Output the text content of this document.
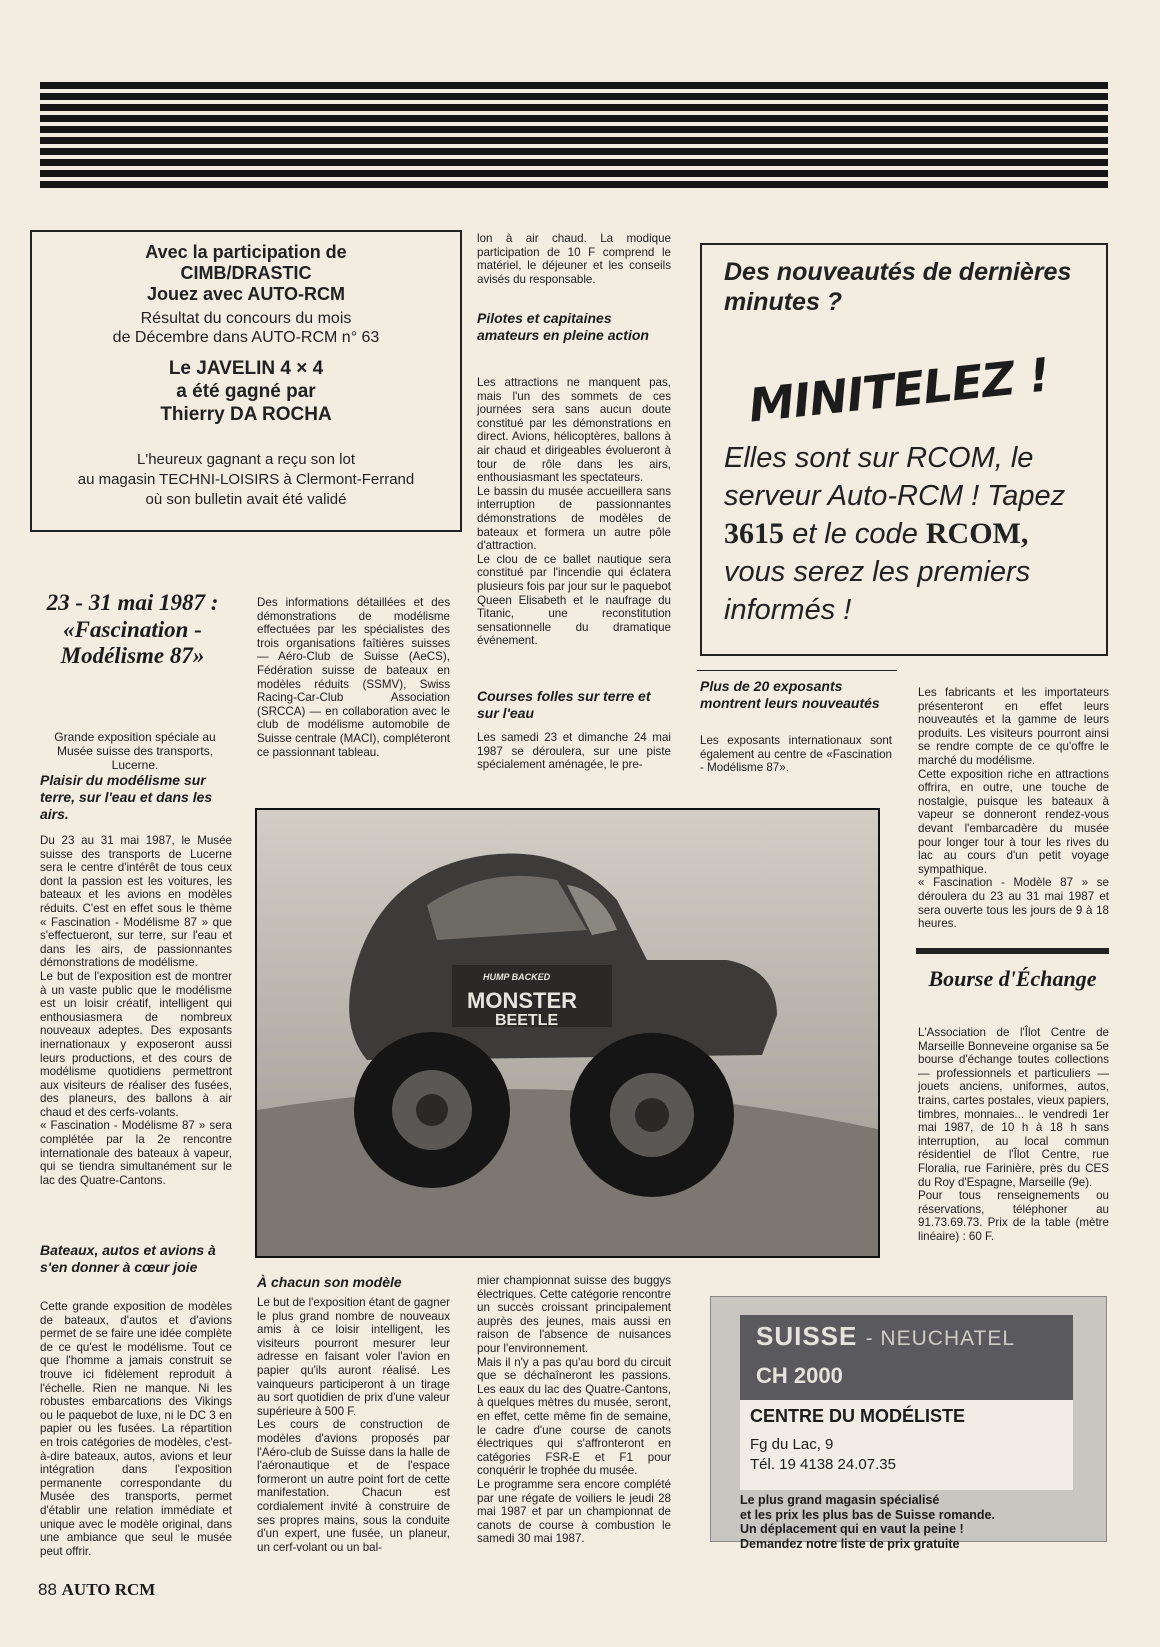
Avec la participation de
CIMB/DRASTIC
Jouez avec AUTO-RCM
Résultat du concours du mois
de Décembre dans AUTO-RCM n° 63
Le JAVELIN 4 × 4
a été gagné par
Thierry DA ROCHA
L'heureux gagnant a reçu son lot
au magasin TECHNI-LOISIRS à Clermont-Ferrand
où son bulletin avait été validé
lon à air chaud. La modique participation de 10 F comprend le matériel, le déjeuner et les conseils avisés du responsable.
Pilotes et capitaines amateurs en pleine action
Les attractions ne manquent pas, mais l'un des sommets de ces journées sera sans aucun doute constitué par les démonstrations en direct. Avions, hélicoptères, ballons à air chaud et dirigeables évolueront à tour de rôle dans les airs, enthousiasmant les spectateurs.
Le bassin du musée accueillera sans interruption de passionnantes démonstrations de modèles de bateaux et formera un autre pôle d'attraction.
Le clou de ce ballet nautique sera constitué par l'incendie qui éclatera plusieurs fois par jour sur le paquebot Queen Elisabeth et le naufrage du Titanic, une reconstitution sensationnelle du dramatique événement.
Courses folles sur terre et sur l'eau
Les samedi 23 et dimanche 24 mai 1987 se déroulera, sur une piste spécialement aménagée, le pre-
Des nouveautés de dernières minutes ?
MINITELEZ !
Elles sont sur RCOM, le serveur Auto-RCM ! Tapez 3615 et le code RCOM, vous serez les premiers informés !
23 - 31 mai 1987 : «Fascination - Modélisme 87»
Grande exposition spéciale au Musée suisse des transports, Lucerne.
Plaisir du modélisme sur terre, sur l'eau et dans les airs.
Du 23 au 31 mai 1987, le Musée suisse des transports de Lucerne sera le centre d'intérêt de tous ceux dont la passion est les voitures, les bateaux et les avions en modèles réduits. C'est en effet sous le thème « Fascination - Modélisme 87 » que s'effectueront, sur terre, sur l'eau et dans les airs, de passionnantes démonstrations de modélisme.
Le but de l'exposition est de montrer à un vaste public que le modélisme est un loisir créatif, intelligent qui enthousiasmera de nombreux nouveaux adeptes. Des exposants inernationaux y exposeront aussi leurs productions, et des cours de modélisme quotidiens permettront aux visiteurs de réaliser des fusées, des planeurs, des ballons à air chaud et des cerfs-volants.
« Fascination - Modélisme 87 » sera complétée par la 2e rencontre internationale des bateaux à vapeur, qui se tiendra simultanément sur le lac des Quatre-Cantons.
Bateaux, autos et avions à s'en donner à cœur joie
Cette grande exposition de modèles de bateaux, d'autos et d'avions permet de se faire une idée complète de ce qu'est le modélisme. Tout ce que l'homme a jamais construit se trouve ici fidèlement reproduit à l'échelle. Rien ne manque. Ni les robustes embarcations des Vikings ou le paquebot de luxe, ni le DC 3 en papier ou les fusées. La répartition en trois catégories de modèles, c'est-à-dire bateaux, autos, avions et leur intégration dans l'exposition permanente correspondante du Musée des transports, permet d'établir une relation immédiate et unique avec le modèle original, dans une ambiance que seul le musée peut offrir.
Des informations détaillées et des démonstrations de modélisme effectuées par les spécialistes des trois organisations faîtières suisses — Aéro-Club de Suisse (AeCS), Fédération suisse de bateaux en modèles réduits (SSMV), Swiss Racing-Car-Club Association (SRCCA) — en collaboration avec le club de modélisme automobile de Suisse centrale (MACI), compléteront ce passionnant tableau.
Plus de 20 exposants montrent leurs nouveautés
Les exposants internationaux sont également au centre de «Fascination - Modélisme 87».
Les fabricants et les importateurs présenteront en effet leurs nouveautés et la gamme de leurs produits. Les visiteurs pourront ainsi se rendre compte de ce qu'offre le marché du modélisme.
Cette exposition riche en attractions offrira, en outre, une touche de nostalgie, puisque les bateaux à vapeur se donneront rendez-vous devant l'embarcadère du musée pour longer tour à tour les rives du lac au cours d'un petit voyage sympathique.
« Fascination - Modèle 87 » se déroulera du 23 au 31 mai 1987 et sera ouverte tous les jours de 9 à 18 heures.
HUMP BACKED
MONSTER
BEETLE
À chacun son modèle
Le but de l'exposition étant de gagner le plus grand nombre de nouveaux amis à ce loisir intelligent, les visiteurs pourront mesurer leur adresse en faisant voler l'avion en papier qu'ils auront réalisé. Les vainqueurs participeront à un tirage au sort quotidien de prix d'une valeur supérieure à 500 F.
Les cours de construction de modèles d'avions proposés par l'Aéro-club de Suisse dans la halle de l'aéronautique et de l'espace formeront un autre point fort de cette manifestation. Chacun est cordialement invité à construire de ses propres mains, sous la conduite d'un expert, une fusée, un planeur, un cerf-volant ou un bal-
mier championnat suisse des buggys électriques. Cette catégorie rencontre un succès croissant principalement auprès des jeunes, mais aussi en raison de l'absence de nuisances pour l'environnement.
Mais il n'y a pas qu'au bord du circuit que se déchaîneront les passions. Les eaux du lac des Quatre-Cantons, à quelques mètres du musée, seront, en effet, cette même fin de semaine, le cadre d'une course de canots électriques qui s'affronteront en catégories FSR-E et F1 pour conquérir le trophée du musée.
Le programme sera encore complété par une régate de voiliers le jeudi 28 mai 1987 et par un championnat de canots de course à combustion le samedi 30 mai 1987.
Bourse d'Échange
L'Association de l'Îlot Centre de Marseille Bonneveine organise sa 5e bourse d'échange toutes collections — professionnels et particuliers — jouets anciens, uniformes, autos, trains, cartes postales, vieux papiers, timbres, monnaies... le vendredi 1er mai 1987, de 10 h à 18 h sans interruption, au local commun résidentiel de l'Îlot Centre, rue Floralia, rue Farinière, près du CES du Roy d'Espagne, Marseille (9e).
Pour tous renseignements ou réservations, téléphoner au 91.73.69.73. Prix de la table (mètre linéaire) : 60 F.
SUISSE - NEUCHATEL
CH 2000
CENTRE DU MODÉLISTE
Fg du Lac, 9
Tél. 19 4138 24.07.35
Le plus grand magasin spécialisé
et les prix les plus bas de Suisse romande.
Un déplacement qui en vaut la peine !
Demandez notre liste de prix gratuite
88 AUTO RCM
